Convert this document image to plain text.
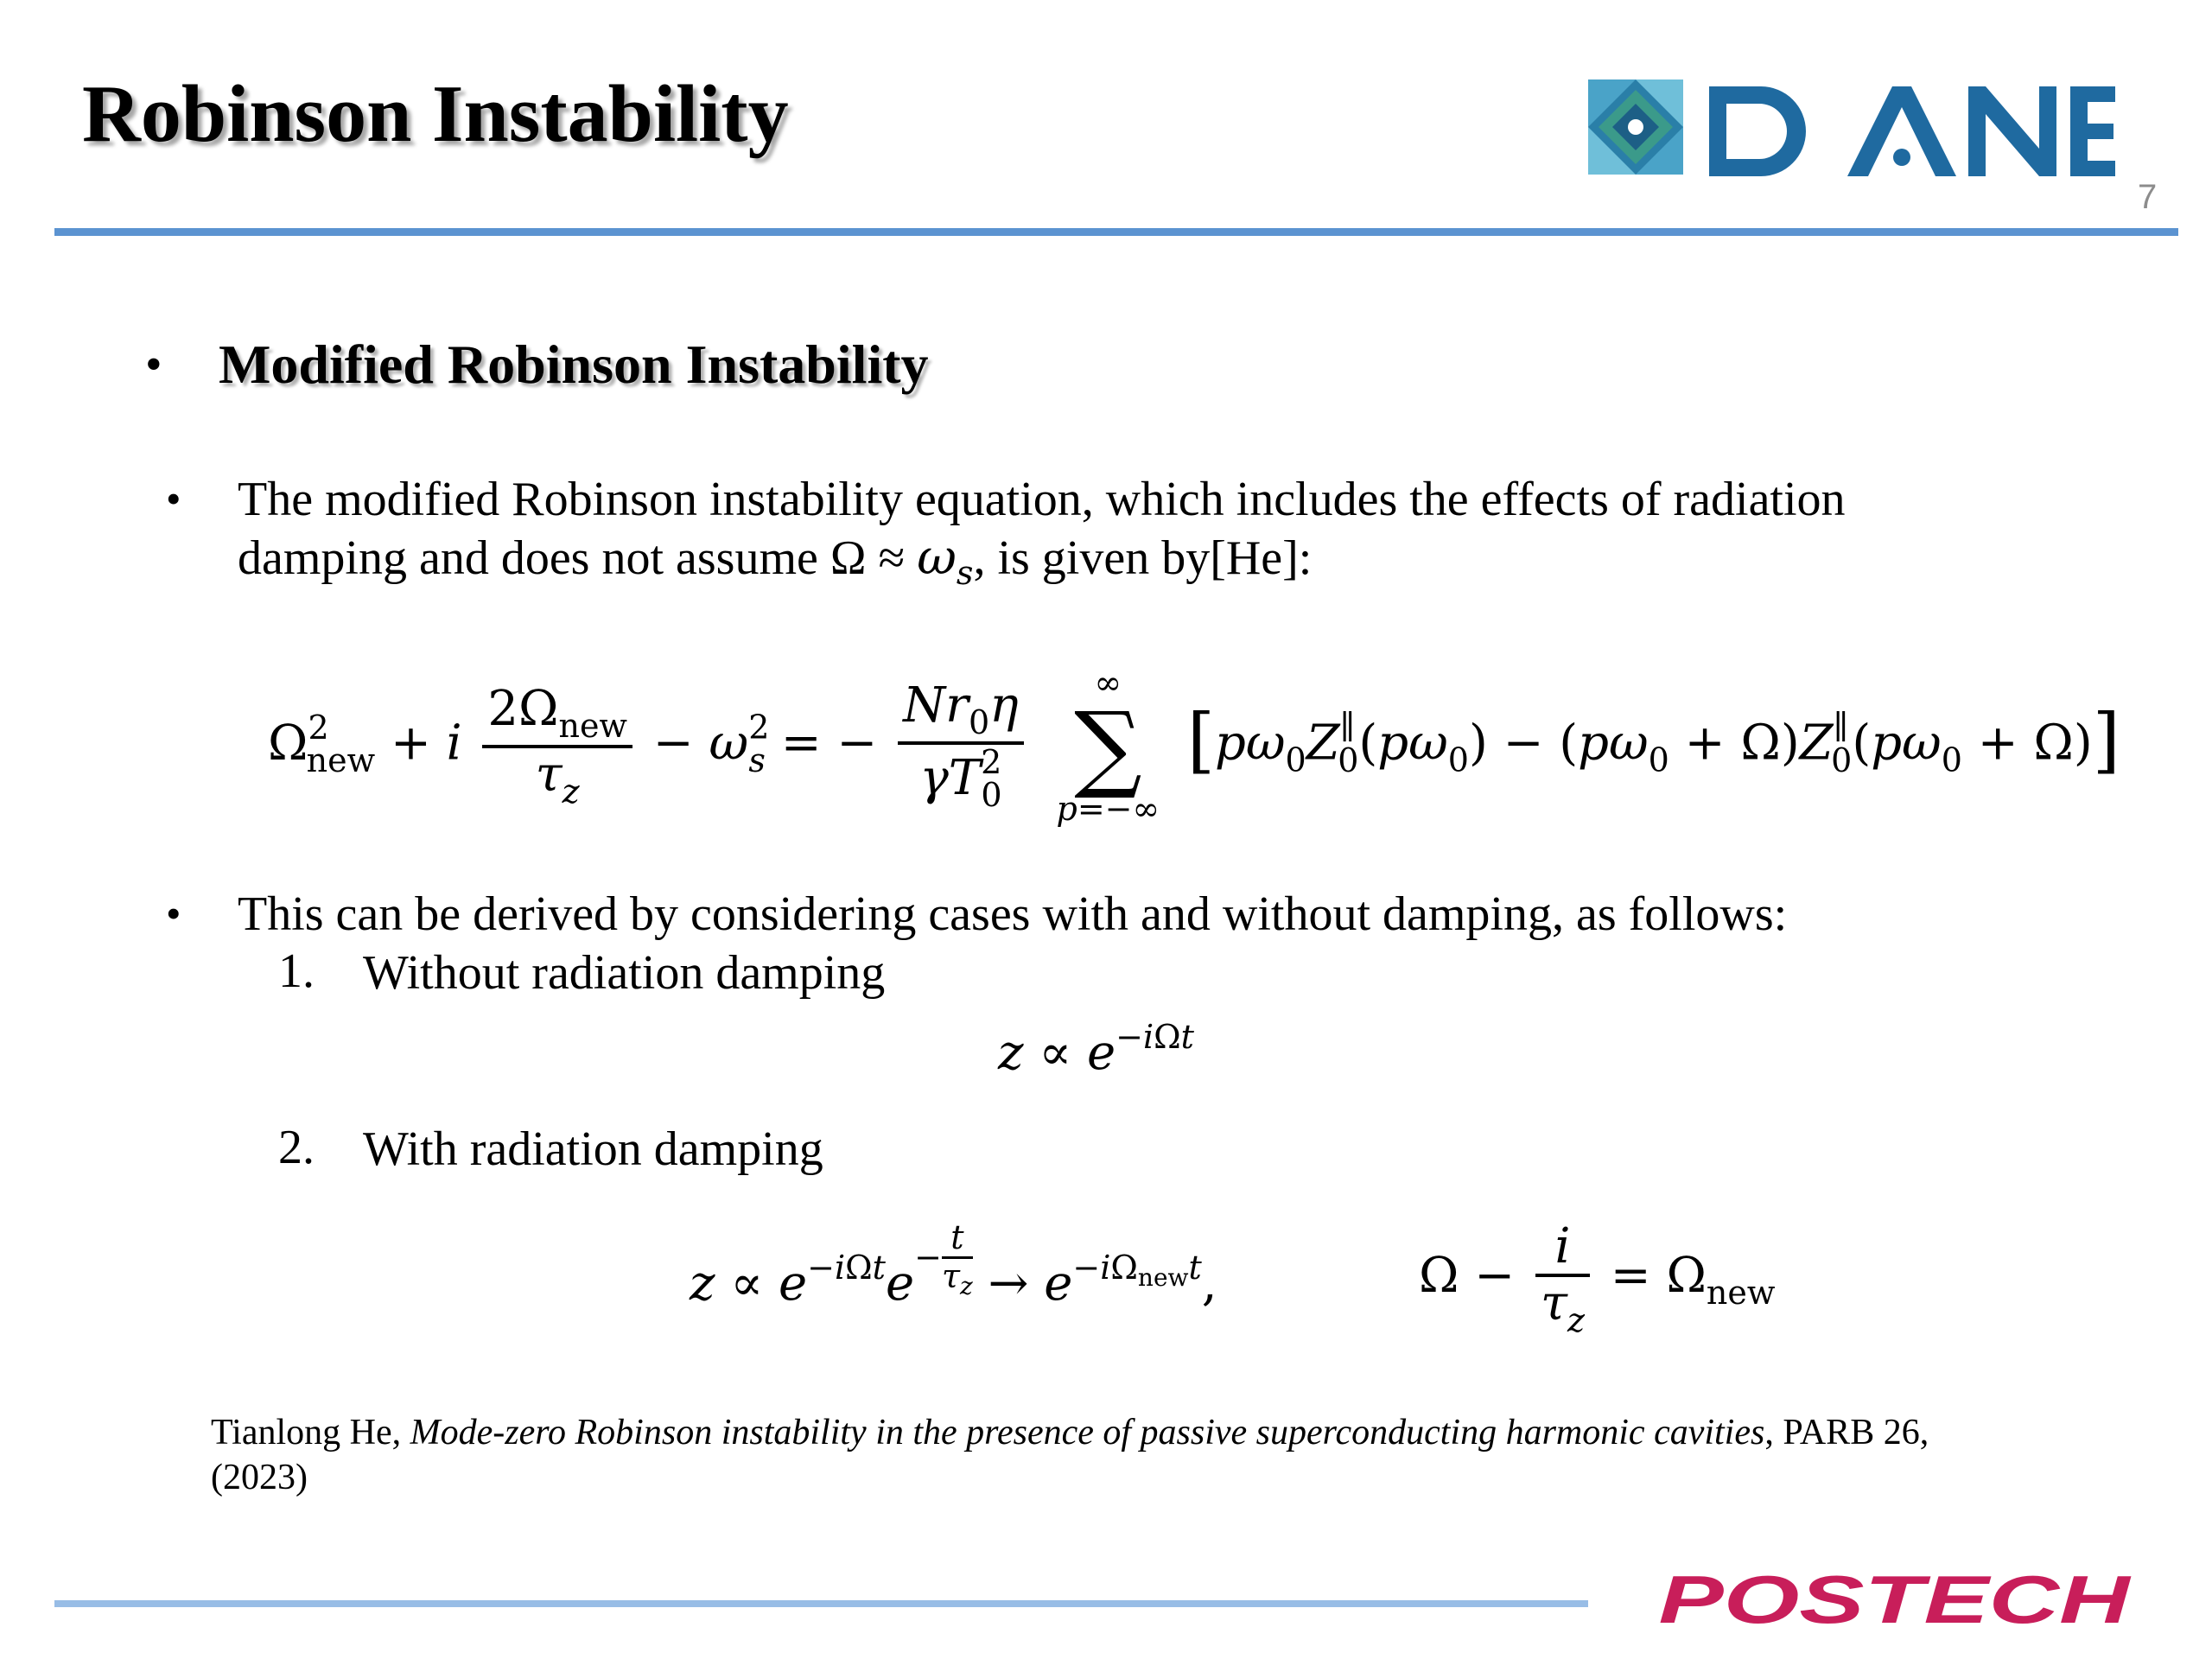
Robinson Instability
7
• Modified Robinson Instability
• The modified Robinson instability equation, which includes the effects of radiation
damping and does not assume $\Omega \approx \omega_s$, is given by[He]:
$\Omega^2_{new} + i \frac{2\Omega_{new}}{\tau_z} - \omega^2_s$ = − $\frac{Nr_0\eta}{\gamma T^2_0}$
	∞
∑
p=−∞
$[p\omega_0Z^\parallel_0(p\omega_0) - (p\omega_0 + \Omega)Z^\parallel_0(p\omega_0 + \Omega)]$
• This can be derived by considering cases with and without damping, as follows:
1. Without radiation damping
$z \propto e^{-i\Omega t}$
2. With radiation damping
$z \propto e^{-i\Omega t}e- \frac{t}{\tau_z} \to e^{-i\Omega_{new}t}$,	$\Omega - \frac{i}{\tau_z} = \Omega_{new}$
Tianlong He, Mode-zero Robinson instability in the presence of passive superconducting harmonic cavities, PARB 26,
(2023)
POSTECH
